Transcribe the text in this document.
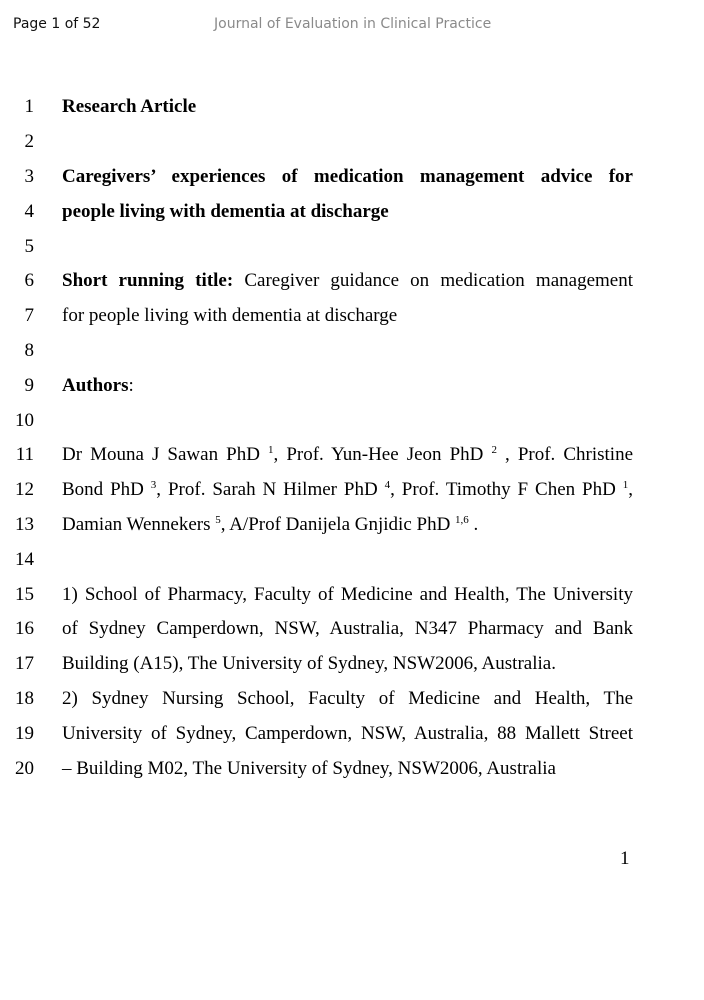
Page 1 of 52	Journal of Evaluation in Clinical Practice
1 Research Article
2
3 Caregivers’ experiences of medication management advice for
4 people living with dementia at discharge
5
6 Short running title: Caregiver guidance on medication management
7 for people living with dementia at discharge
8
9 Authors:
10
11 Dr Mouna J Sawan PhD $^1$, Prof. Yun-Hee Jeon PhD $^2$ , Prof. Christine
12 Bond PhD $^3$, Prof. Sarah N Hilmer PhD $^4$, Prof. Timothy F Chen PhD $^1$,
13 Damian Wennekers $^5$, A/Prof Danijela Gnjidic PhD $^{1,6}$ .
14
15 1) School of Pharmacy, Faculty of Medicine and Health, The University
16 of Sydney Camperdown, NSW, Australia, N347 Pharmacy and Bank
17 Building (A15), The University of Sydney, NSW2006, Australia.
18 2) Sydney Nursing School, Faculty of Medicine and Health, The
19 University of Sydney, Camperdown, NSW, Australia, 88 Mallett Street
20 – Building M02, The University of Sydney, NSW2006, Australia
1
